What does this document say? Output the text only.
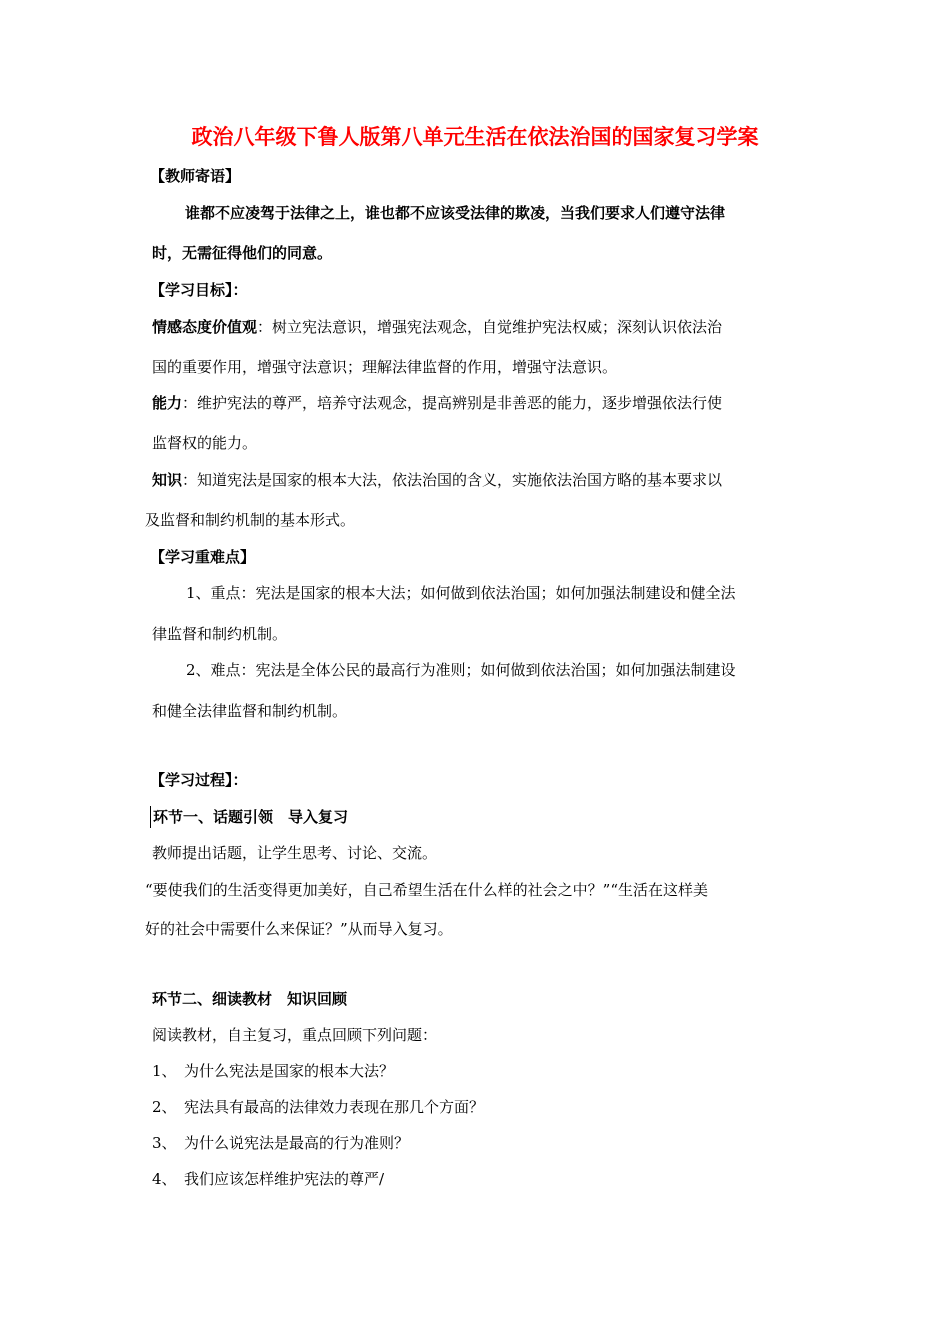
政治八年级下鲁人版第八单元生活在依法治国的国家复习学案
【教师寄语】
谁都不应凌驾于法律之上，谁也都不应该受法律的欺凌，当我们要求人们遵守法律
时，无需征得他们的同意。
【学习目标】：
情感态度价值观：树立宪法意识，增强宪法观念，自觉维护宪法权威；深刻认识依法治
国的重要作用，增强守法意识；理解法律监督的作用，增强守法意识。
能力：维护宪法的尊严，培养守法观念，提高辨别是非善恶的能力，逐步增强依法行使
监督权的能力。
知识：知道宪法是国家的根本大法，依法治国的含义，实施依法治国方略的基本要求以
及监督和制约机制的基本形式。
【学习重难点】
1、重点：宪法是国家的根本大法；如何做到依法治国；如何加强法制建设和健全法
律监督和制约机制。
2、难点：宪法是全体公民的最高行为准则；如何做到依法治国；如何加强法制建设
和健全法律监督和制约机制。
【学习过程】：
环节一、话题引领　导入复习
教师提出话题，让学生思考、讨论、交流。
“要使我们的生活变得更加美好，自己希望生活在什么样的社会之中？”“生活在这样美
好的社会中需要什么来保证？”从而导入复习。
环节二、细读教材　知识回顾
阅读教材，自主复习，重点回顾下列问题：
1、　为什么宪法是国家的根本大法？
2、　宪法具有最高的法律效力表现在那几个方面？
3、　为什么说宪法是最高的行为准则？
4、　我们应该怎样维护宪法的尊严/
